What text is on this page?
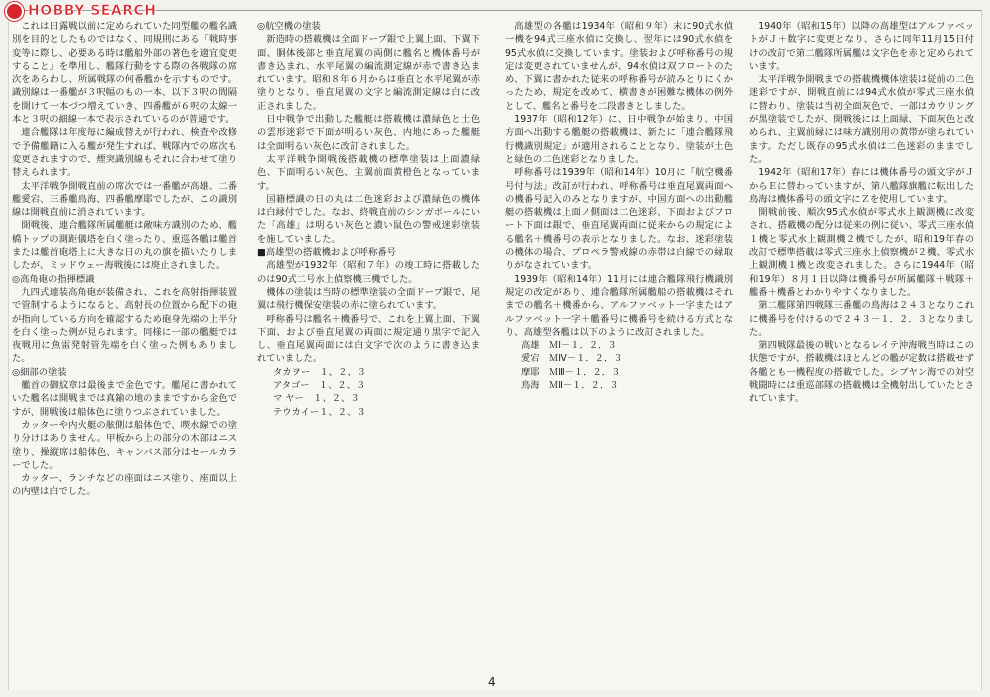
HOBBY SEARCH

これは日露戦以前に定められていた同型艦の艦名識別を目的としたものではなく、同規則にある「戦時事変等に際し、必要ある時は艦船外部の著色を適宜変更すること」を準用し、艦隊行動をする際の各戦隊の席次をあらわし、所属戦隊の何番艦かを示すものです。識別線は一番艦が３呎幅のもの一本、以下３呎の間隔を開けて一本づつ増えていき、四番艦が６呎の太線一本と３呎の細線一本で表示されているのが普通です。

連合艦隊は年度毎に編成替えが行われ、検査や改修で予備艦籍に入る艦が発生すれば、戦隊内での席次も変更されますので、煙突識別線もそれに合わせて塗り替えられます。

太平洋戦争開戦直前の席次では一番艦が高雄、二番艦愛宕、三番艦鳥海、四番艦摩耶でしたが、この識別線は開戦直前に消されています。

開戦後、連合艦隊所属艦艇は敵味方識別のため、艦橋トップの測距儀塔を白く塗ったり、重巡各艦は艦首または艦首砲塔上に大きな日の丸の旗を描いたりしましたが、ミッドウェー海戦後には廃止されました。

◎高角砲の指揮標識

九四式連装高角砲が装備され、これを高射指揮装置で管制するようになると、高射長の位置から配下の砲が指向している方向を確認するため砲身先端の上半分を白く塗った例が見られます。同様に一部の艦艇では夜戦用に魚雷発射管先端を白く塗った例もありました。

◎細部の塗装

艦首の御紋章は最後まで金色です。艦尾に書かれていた艦名は開戦までは真鍮の地のままですから金色ですが、開戦後は船体色に塗りつぶされていました。

カッターや内火艇の舷側は船体色で、喫水線での塗り分けはありません。甲板から上の部分の木部はニス塗り、操縦席は船体色、キャンバス部分はセールカラーでした。

カッター、ランチなどの座面はニス塗り、座面以上の内壁は白でした。

◎航空機の塗装

新造時の搭載機は全面ドープ銀で上翼上面、下翼下面、胴体後部と垂直尾翼の両側に艦名と機体番号が書き込まれ、水平尾翼の編流測定線が赤で書き込まれています。昭和８年６月からは垂直と水平尾翼が赤塗りとなり、垂直尾翼の文字と編流測定線は白に改正されました。

日中戦争で出動した艦艇は搭載機は濃緑色と土色の雲形迷彩で下面が明るい灰色、内地にあった艦艇は全面明るい灰色に改訂されました。

太平洋戦争開戦後搭載機の標準塗装は上面濃緑色、下面明るい灰色、主翼前面黄橙色となっています。

国籍標識の日の丸は二色迷彩および濃緑色の機体は白縁付でした。なお、終戦直前のシンガポールにいた「高雄」は明るい灰色と濃い鼠色の警戒迷彩塗装を施していました。

■高雄型の搭載機および呼称番号

高雄型が1932年（昭和７年）の竣工時に搭載したのは90式二号水上偵察機三機でした。

機体の塗装は当時の標準塗装の全面ドープ銀で、尾翼は飛行機保安塗装の赤に塗られています。

呼称番号は艦名＋機番号で、これを上翼上面、下翼下面、および垂直尾翼の両面に規定通り黒字で記入し、垂直尾翼両面には白文字で次のように書き込まれていました。

タカヲー　１、２、３

アタゴー　１、２、３

マ ヤー　１、２、３

テウカイー１、２、３

高雄型の各艦は1934年（昭和９年）末に90式水偵一機を94式三座水偵に交換し、翌年には90式水偵を95式水偵に交換しています。塗装および呼称番号の規定は変更されていませんが、94水偵は双フロートのため、下翼に書かれた従来の呼称番号が読みとりにくかったため、規定を改めて、横書きが困難な機体の例外として、艦名と番号を二段書きとしました。

1937年（昭和12年）に、日中戦争が始まり、中国方面へ出動する艦艇の搭載機は、新たに「連合艦隊飛行機識別規定」が適用されることとなり、塗装が土色と緑色の二色迷彩となりました。

呼称番号は1939年（昭和14年）10月に「航空機番号付与法」改訂が行われ、呼称番号は垂直尾翼両面への機番号記入のみとなりますが、中国方面への出動艦艇の搭載機は上面ノ側面は二色迷彩、下面およびフロート下面は銀で、垂直尾翼両面に従来からの規定による艦名＋機番号の表示となりました。なお、迷彩塗装の機体の場合、プロペラ警戒線の赤帯は白線での縁取りがなされています。

1939年（昭和14年）11月には連合艦隊飛行機識別規定の改定があり、連合艦隊所属艦船の搭載機はそれまでの艦名＋機番から、アルファベット一字またはアルファベット一字＋艦番号に機番号を続ける方式となり、高雄型各艦は以下のように改訂されました。

高雄　ＭⅠ－１．２．３

愛宕　ＭⅣ－１．２．３

摩耶　ＭⅢ－１．２．３

鳥海　ＭⅡ－１．２．３

1940年（昭和15年）以降の高雄型はアルファベットがＪ＋数字に変更となり、さらに同年11月15日付けの改訂で第二艦隊所属艦は文字色を赤と定められています。

太平洋戦争開戦までの搭載機機体塗装は従前の二色迷彩ですが、開戦直前には94式水偵が零式三座水偵に替わり、塗装は当初全面灰色で、一部はカウリングが黒塗装でしたが、開戦後には上面緑、下面灰色と改められ、主翼前縁には味方識別用の黄帯が塗られています。ただし既存の95式水偵は二色迷彩のままでした。

1942年（昭和17年）春には機体番号の頭文字がＪからＥに替わっていますが、第八艦隊旗艦に転出した鳥海は機体番号の頭文字にＺを使用しています。

開戦前後、順次95式水偵が零式水上観測機に改変され、搭載機の配分は従来の例に従い、零式三座水偵１機と零式水上観測機２機でしたが、昭和19年春の改訂で標準搭載は零式三座水上偵察機が２機、零式水上観測機１機と改変されました。さらに1944年（昭和19年）８月１日以降は機番号が所属艦隊＋戦隊＋艦番＋機番とわかりやすくなりました。

第二艦隊第四戦隊三番艦の鳥海は２４３となりこれに機番号を付けるので２４３－１．２．３となりました。

第四戦隊最後の戦いとなるレイテ沖海戦当時はこの状態ですが、搭載機はほとんどの艦が定数は搭載せず各艦とも一機程度の搭載でした。シブヤン海での対空戦闘時には重巡部隊の搭載機は全機射出していたとされています。

4
